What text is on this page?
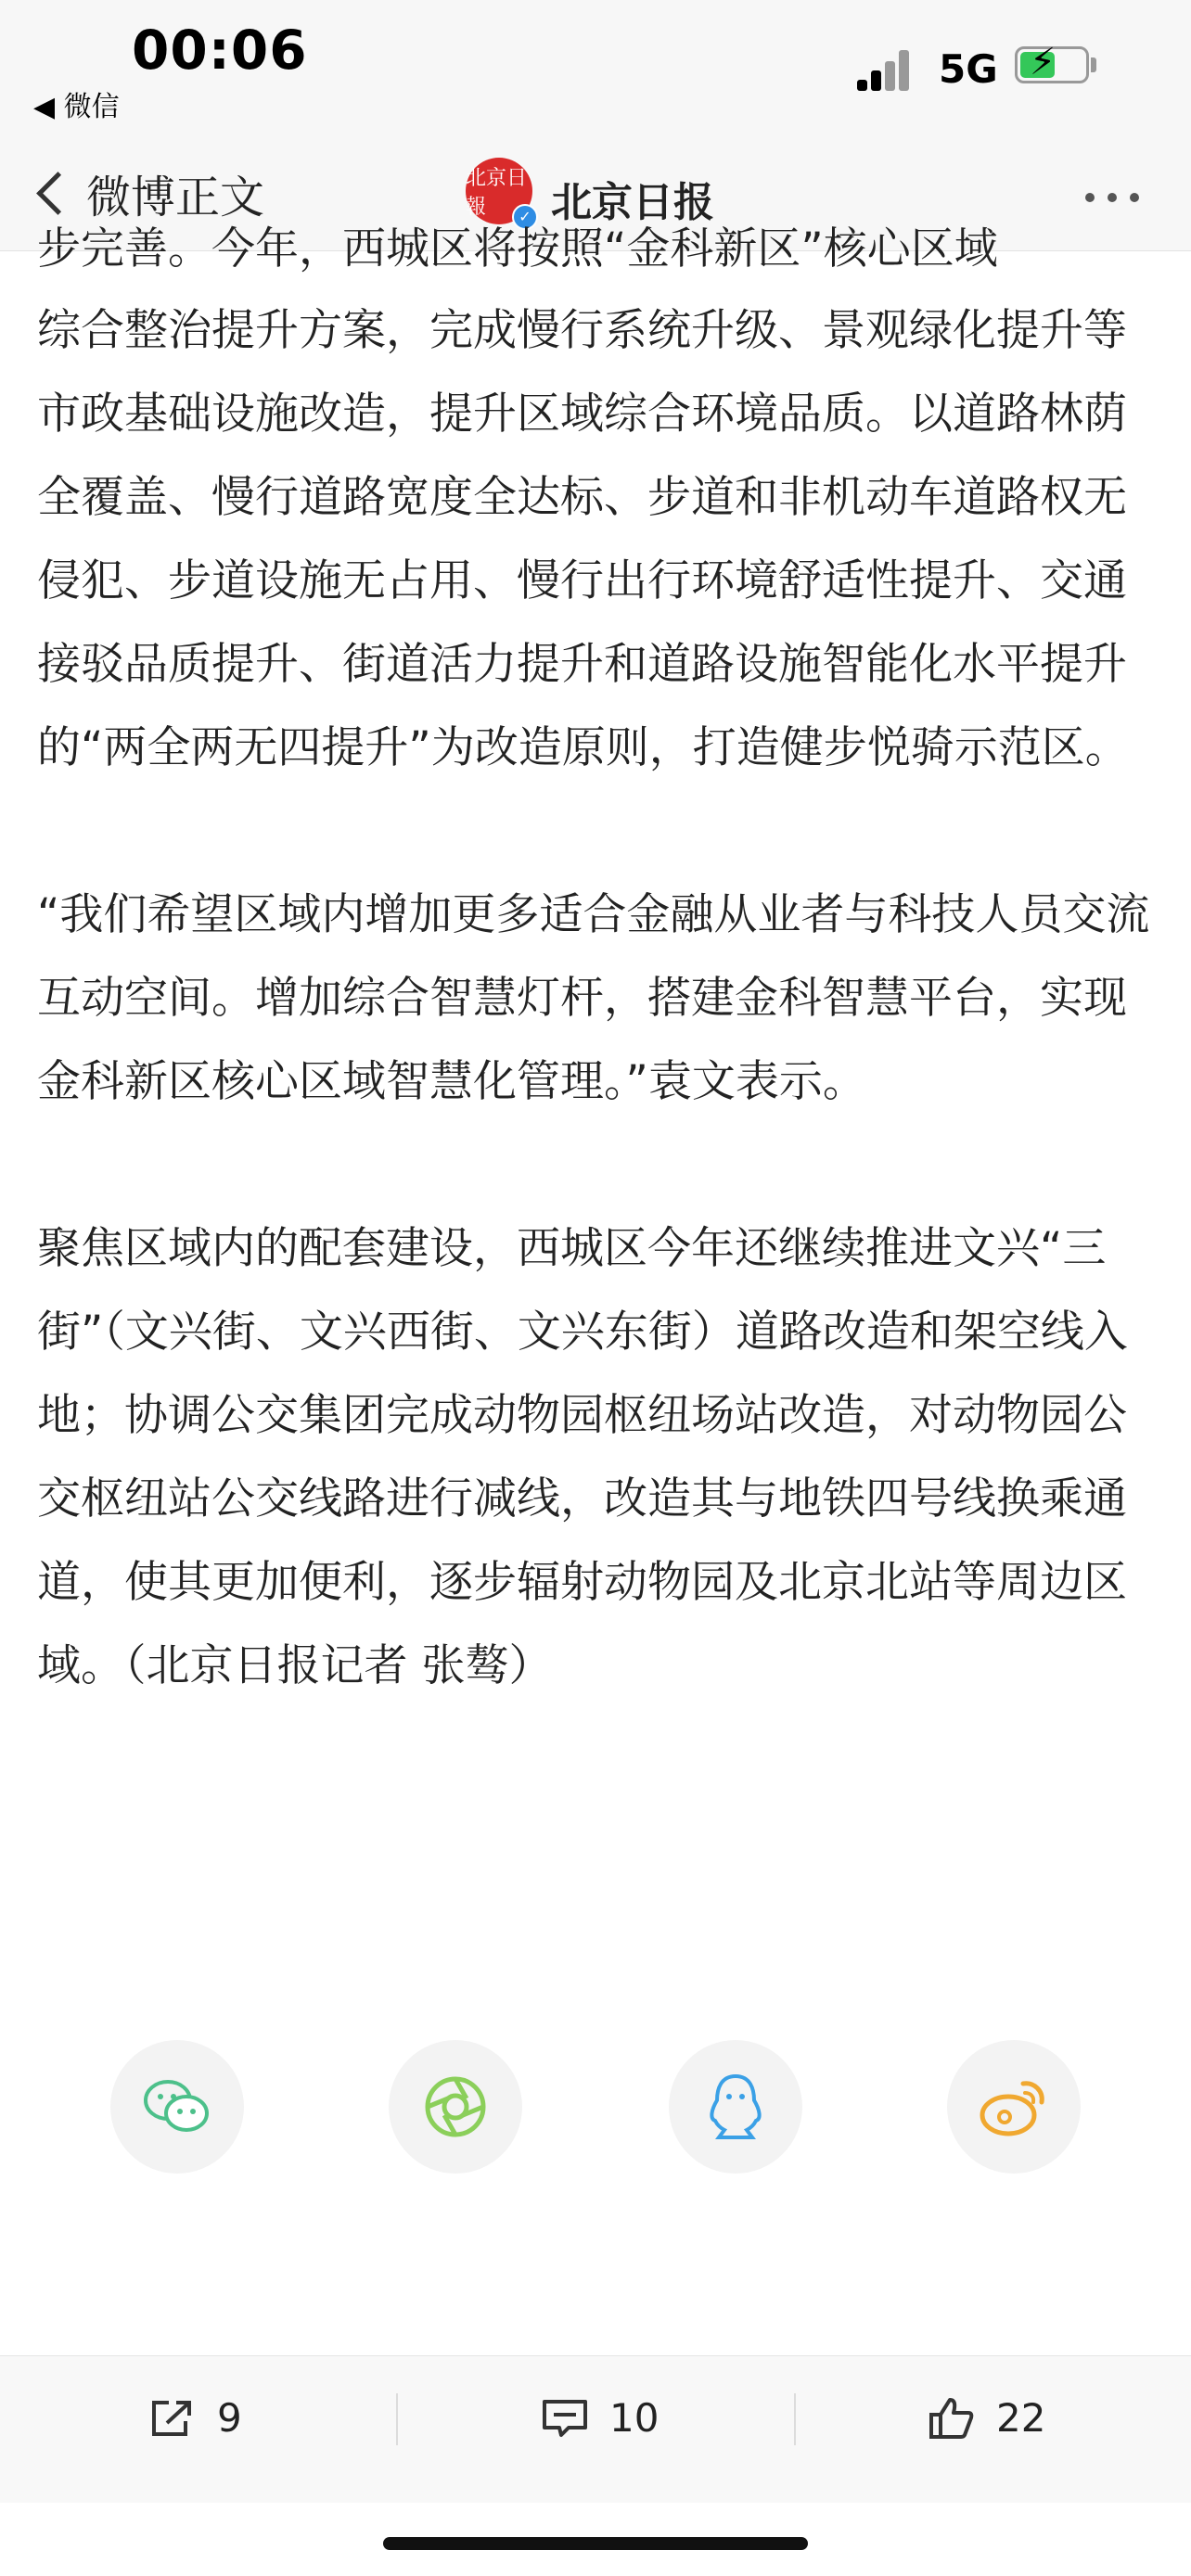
00:06
◀ 微信
5G ⚡
微博正文	北京日報	✓ 北京日报
步完善。今年，西城区将按照“金科新区”核心区域

综合整治提升方案，完成慢行系统升级、景观绿化提升等市政基础设施改造，提升区域综合环境品质。以道路林荫全覆盖、慢行道路宽度全达标、步道和非机动车道路权无侵犯、步道设施无占用、慢行出行环境舒适性提升、交通接驳品质提升、街道活力提升和道路设施智能化水平提升的“两全两无四提升”为改造原则，打造健步悦骑示范区。

“我们希望区域内增加更多适合金融从业者与科技人员交流互动空间。增加综合智慧灯杆，搭建金科智慧平台，实现金科新区核心区域智慧化管理。”袁文表示。

聚焦区域内的配套建设，西城区今年还继续推进文兴“三街”（文兴街、文兴西街、文兴东街）道路改造和架空线入地；协调公交集团完成动物园枢纽场站改造，对动物园公交枢纽站公交线路进行减线，改造其与地铁四号线换乘通道，使其更加便利，逐步辐射动物园及北京北站等周边区域。（北京日报记者 张骜）

9	10	22
